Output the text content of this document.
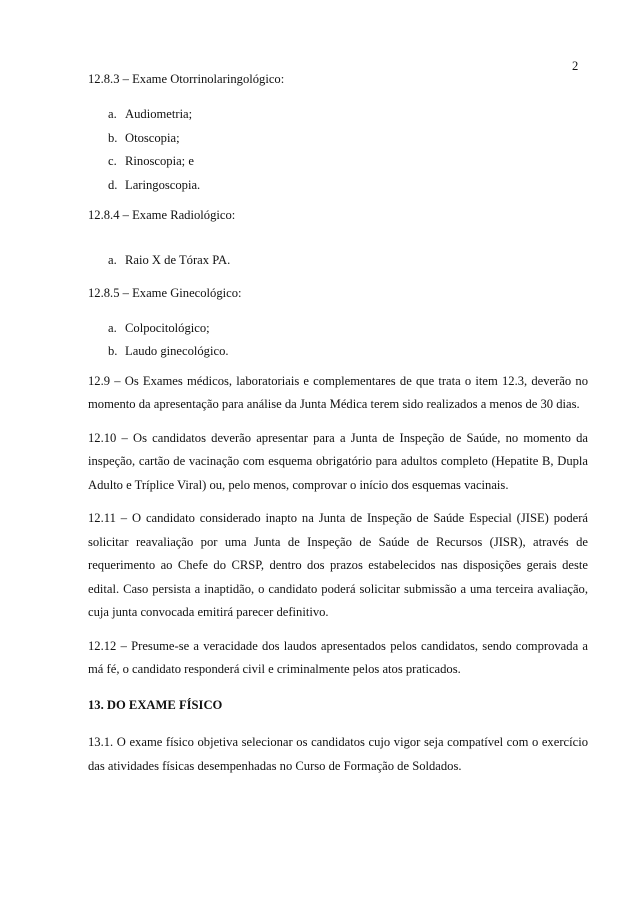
2

12.8.3 – Exame Otorrinolaringológico:

a. Audiometria;
b. Otoscopia;
c. Rinoscopia; e
d. Laringoscopia.

12.8.4 – Exame Radiológico:

a. Raio X de Tórax PA.

12.8.5 – Exame Ginecológico:

a. Colpocitológico;
b. Laudo ginecológico.

12.9 – Os Exames médicos, laboratoriais e complementares de que trata o item 12.3, deverão no momento da apresentação para análise da Junta Médica terem sido realizados a menos de 30 dias.

12.10 – Os candidatos deverão apresentar para a Junta de Inspeção de Saúde, no momento da inspeção, cartão de vacinação com esquema obrigatório para adultos completo (Hepatite B, Dupla Adulto e Tríplice Viral) ou, pelo menos, comprovar o início dos esquemas vacinais.

12.11 – O candidato considerado inapto na Junta de Inspeção de Saúde Especial (JISE) poderá solicitar reavaliação por uma Junta de Inspeção de Saúde de Recursos (JISR), através de requerimento ao Chefe do CRSP, dentro dos prazos estabelecidos nas disposições gerais deste edital. Caso persista a inaptidão, o candidato poderá solicitar submissão a uma terceira avaliação, cuja junta convocada emitirá parecer definitivo.

12.12 – Presume-se a veracidade dos laudos apresentados pelos candidatos, sendo comprovada a má fé, o candidato responderá civil e criminalmente pelos atos praticados.

13. DO EXAME FÍSICO

13.1. O exame físico objetiva selecionar os candidatos cujo vigor seja compatível com o exercício das atividades físicas desempenhadas no Curso de Formação de Soldados.
